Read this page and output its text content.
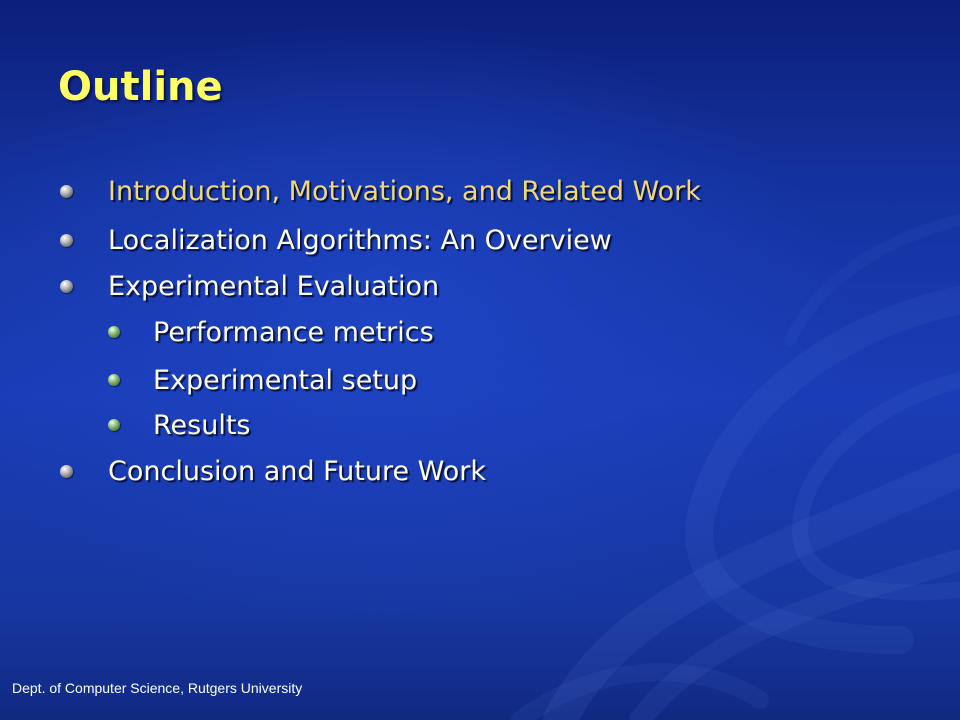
Outline
Introduction, Motivations, and Related Work
Localization Algorithms: An Overview
Experimental Evaluation
Performance metrics
Experimental setup
Results
Conclusion and Future Work

Dept. of Computer Science, Rutgers University
